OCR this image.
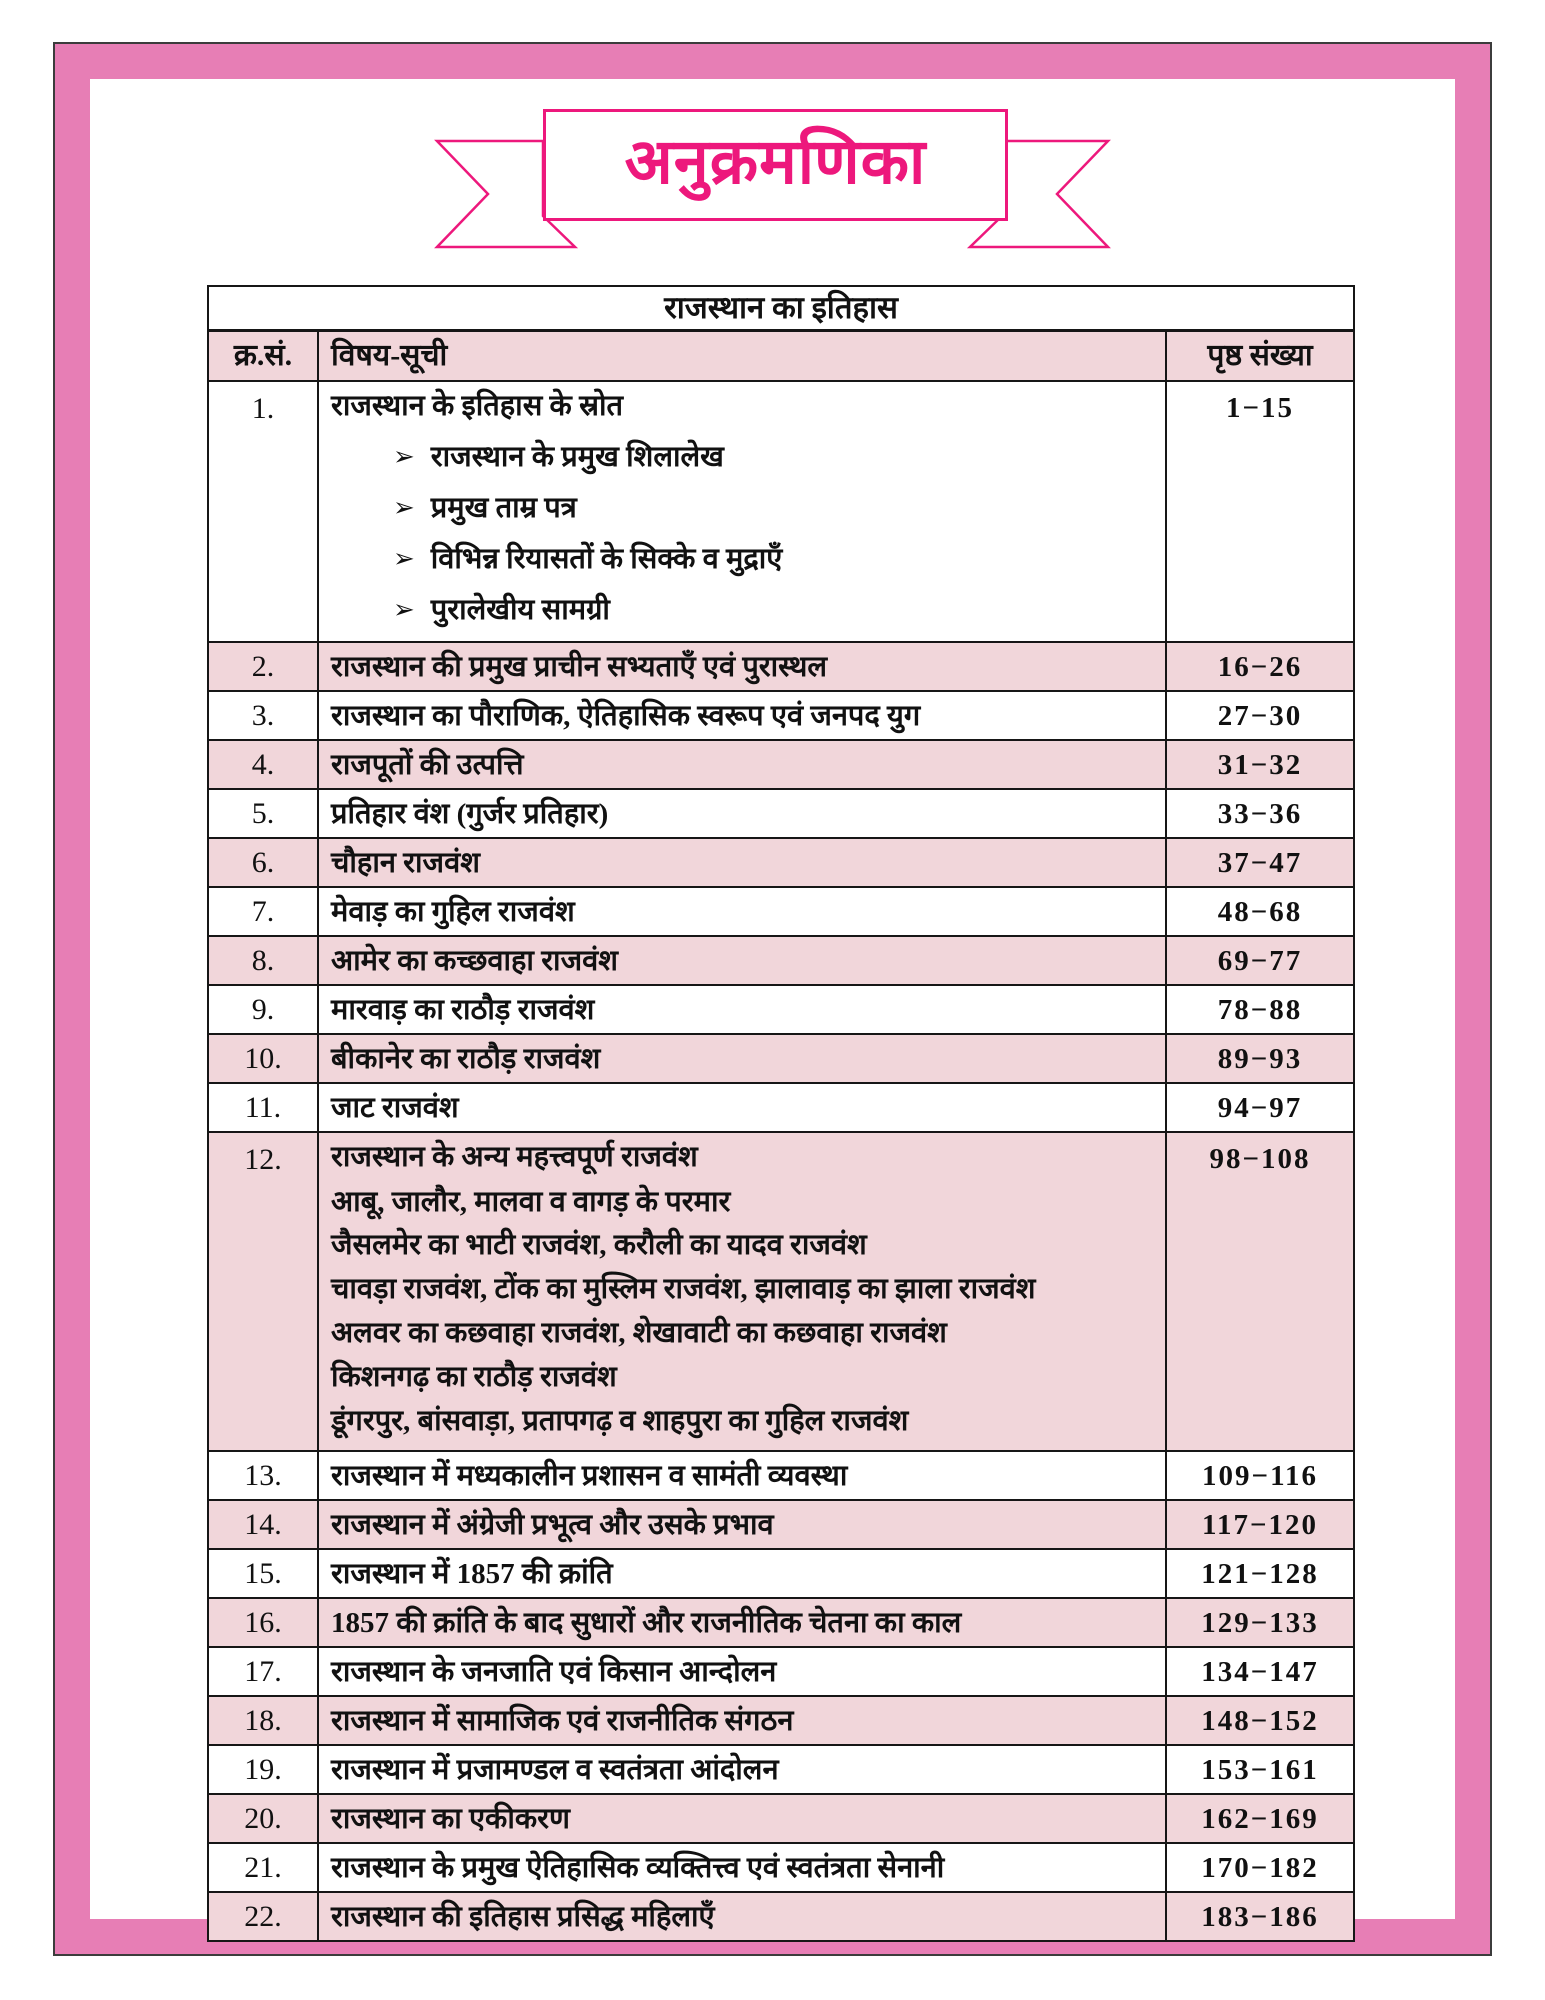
अनुक्रमणिका
राजस्थान का इतिहास		
क्र.सं.	विषय-सूची	पृष्ठ संख्या
1.	राजस्थान के इतिहास के स्रोत
➢ राजस्थान के प्रमुख शिलालेख
➢ प्रमुख ताम्र पत्र
➢ विभिन्न रियासतों के सिक्के व मुद्राएँ
➢ पुरालेखीय सामग्री
	1−15
2.	राजस्थान की प्रमुख प्राचीन सभ्यताएँ एवं पुरास्थल	16−26
3.	राजस्थान का पौराणिक, ऐतिहासिक स्वरूप एवं जनपद युग	27−30
4.	राजपूतों की उत्पत्ति	31−32
5.	प्रतिहार वंश (गुर्जर प्रतिहार)	33−36
6.	चौहान राजवंश	37−47
7.	मेवाड़ का गुहिल राजवंश	48−68
8.	आमेर का कच्छवाहा राजवंश	69−77
9.	मारवाड़ का राठौड़ राजवंश	78−88
10.	बीकानेर का राठौड़ राजवंश	89−93
11.	जाट राजवंश	94−97
12.	राजस्थान के अन्य महत्त्वपूर्ण राजवंश
आबू, जालौर, मालवा व वागड़ के परमार
जैसलमेर का भाटी राजवंश, करौली का यादव राजवंश
चावड़ा राजवंश, टोंक का मुस्लिम राजवंश, झालावाड़ का झाला राजवंश
अलवर का कछवाहा राजवंश, शेखावाटी का कछवाहा राजवंश
किशनगढ़ का राठौड़ राजवंश
डूंगरपुर, बांसवाड़ा, प्रतापगढ़ व शाहपुरा का गुहिल राजवंश
	98−108
13.	राजस्थान में मध्यकालीन प्रशासन व सामंती व्यवस्था	109−116
14.	राजस्थान में अंग्रेजी प्रभूत्व और उसके प्रभाव	117−120
15.	राजस्थान में 1857 की क्रांति	121−128
16.	1857 की क्रांति के बाद सुधारों और राजनीतिक चेतना का काल	129−133
17.	राजस्थान के जनजाति एवं किसान आन्दोलन	134−147
18.	राजस्थान में सामाजिक एवं राजनीतिक संगठन	148−152
19.	राजस्थान में प्रजामण्डल व स्वतंत्रता आंदोलन	153−161
20.	राजस्थान का एकीकरण	162−169
21.	राजस्थान के प्रमुख ऐतिहासिक व्यक्तित्त्व एवं स्वतंत्रता सेनानी	170−182
22.	राजस्थान की इतिहास प्रसिद्ध महिलाएँ	183−186
